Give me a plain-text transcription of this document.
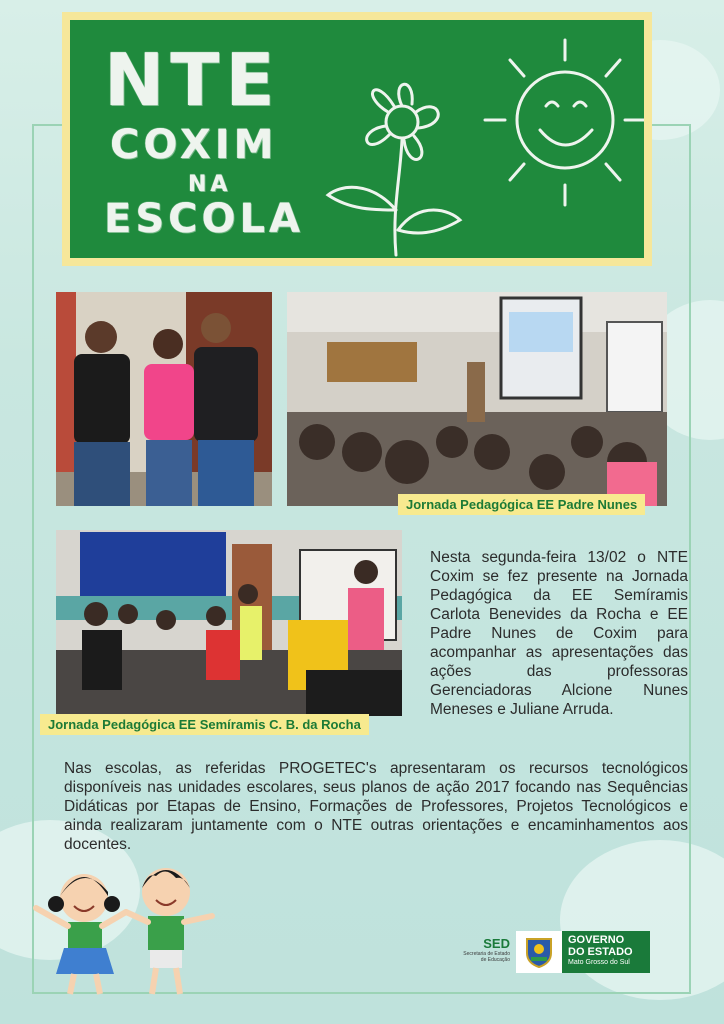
NTE
COXIM
NA
ESCOLA
Jornada Pedagógica EE Padre Nunes
Jornada Pedagógica EE Semíramis C. B. da Rocha
Nesta segunda-feira 13/02 o NTE Coxim se fez presente na Jornada Pedagógica da EE Semíramis Carlota Benevides da Rocha e EE Padre Nunes de Coxim para acompanhar as apresentações das ações das professoras Gerenciadoras Alcione Nunes Meneses e Juliane Arruda.
Nas escolas, as referidas PROGETEC's apresentaram os recursos tecnológicos disponíveis nas unidades escolares, seus planos de ação 2017 focando nas Sequências Didáticas por Etapas de Ensino, Formações de Professores, Projetos Tecnológicos e ainda realizaram juntamente com o NTE outras orientações e encaminhamentos aos docentes.
SED
Secretaria de Estado
de Educação
GOVERNO
DO ESTADO
Mato Grosso do Sul
